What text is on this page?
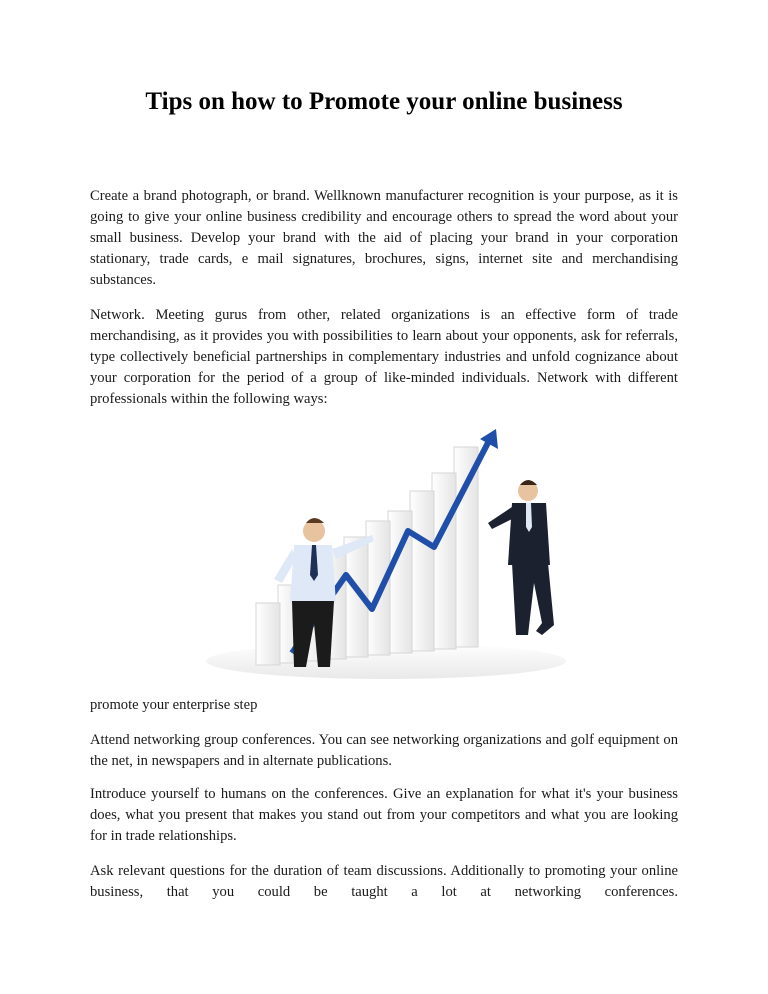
Tips on how to Promote your online business

Create a brand photograph, or brand. Wellknown manufacturer recognition is your purpose, as it is going to give your online business credibility and encourage others to spread the word about your small business. Develop your brand with the aid of placing your brand in your corporation stationary, trade cards, e mail signatures, brochures, signs, internet site and merchandising substances.

Network. Meeting gurus from other, related organizations is an effective form of trade merchandising, as it provides you with possibilities to learn about your opponents, ask for referrals, type collectively beneficial partnerships in complementary industries and unfold cognizance about your corporation for the period of a group of like-minded individuals. Network with different professionals within the following ways:

promote your enterprise step

Attend networking group conferences. You can see networking organizations and golf equipment on the net, in newspapers and in alternate publications.

Introduce yourself to humans on the conferences. Give an explanation for what it's your business does, what you present that makes you stand out from your competitors and what you are looking for in trade relationships.

Ask relevant questions for the duration of team discussions. Additionally to promoting your online business, that you could be taught a lot at networking conferences.
